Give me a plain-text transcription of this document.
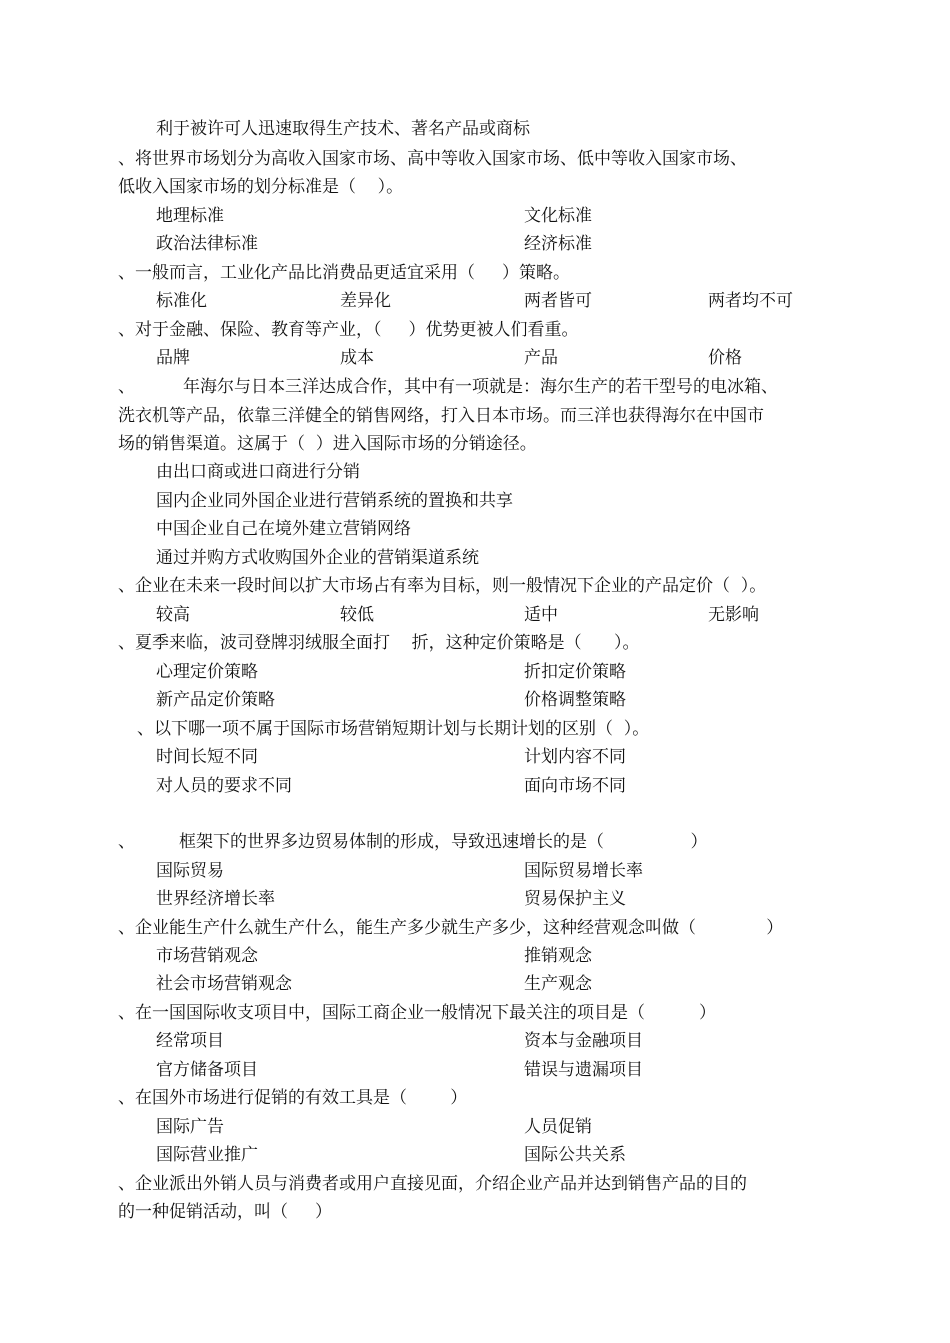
利于被许可人迅速取得生产技术、著名产品或商标
、将世界市场划分为高收入国家市场、高中等收入国家市场、低中等收入国家市场、
低收入国家市场的划分标准是（    ）。
地理标准	文化标准
政治法律标准	经济标准
、一般而言，工业化产品比消费品更适宜采用（     ）策略。
标准化	差异化	两者皆可	两者均不可
、对于金融、保险、教育等产业，（     ）优势更被人们看重。
品牌	成本	产品	价格
、	年海尔与日本三洋达成合作，其中有一项就是：海尔生产的若干型号的电冰箱、
洗衣机等产品，依靠三洋健全的销售网络，打入日本市场。而三洋也获得海尔在中国市
场的销售渠道。这属于（  ）进入国际市场的分销途径。
由出口商或进口商进行分销
国内企业同外国企业进行营销系统的置换和共享
中国企业自己在境外建立营销网络
通过并购方式收购国外企业的营销渠道系统
、企业在未来一段时间以扩大市场占有率为目标，则一般情况下企业的产品定价（  ）。
较高	较低	适中	无影响
、夏季来临，波司登牌羽绒服全面打    折，这种定价策略是（      ）。
心理定价策略	折扣定价策略
新产品定价策略	价格调整策略
、以下哪一项不属于国际市场营销短期计划与长期计划的区别（  ）。
时间长短不同	计划内容不同
对人员的要求不同	面向市场不同
、	框架下的世界多边贸易体制的形成，导致迅速增长的是（                ）
国际贸易	国际贸易增长率
世界经济增长率	贸易保护主义
、企业能生产什么就生产什么，能生产多少就生产多少，这种经营观念叫做（             ）
市场营销观念	推销观念
社会市场营销观念	生产观念
、在一国国际收支项目中，国际工商企业一般情况下最关注的项目是（          ）
经常项目	资本与金融项目
官方储备项目	错误与遗漏项目
、在国外市场进行促销的有效工具是（        ）
国际广告	人员促销
国际营业推广	国际公共关系
、企业派出外销人员与消费者或用户直接见面，介绍企业产品并达到销售产品的目的
的一种促销活动，叫（     ）
